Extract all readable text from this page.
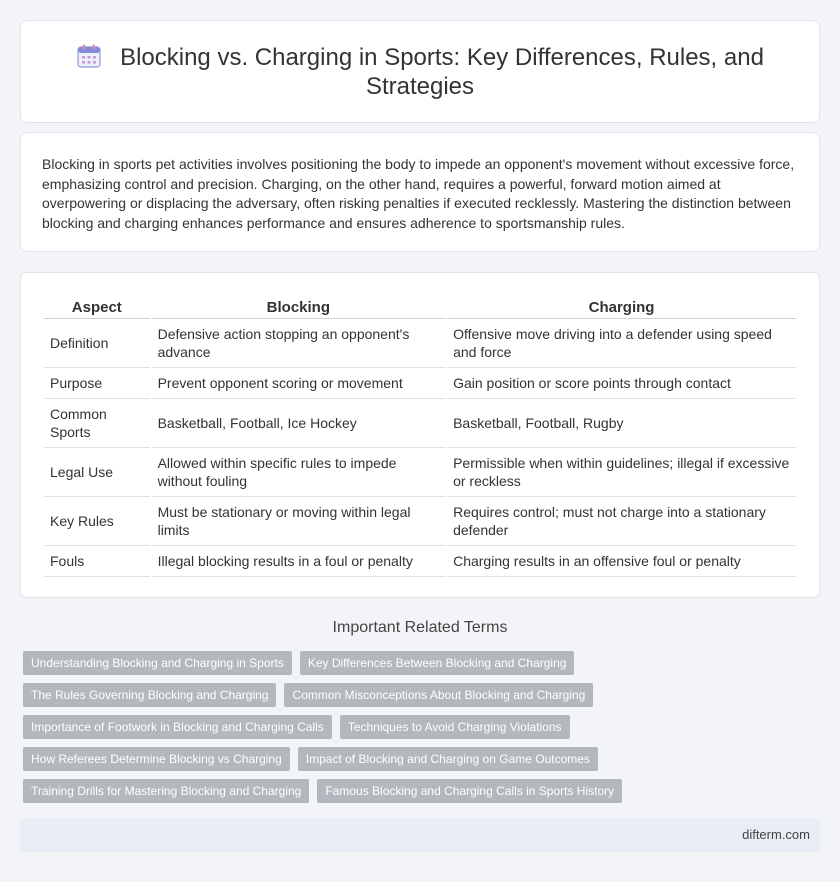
Blocking vs. Charging in Sports: Key Differences, Rules, and Strategies

Blocking in sports pet activities involves positioning the body to impede an opponent's movement without excessive force, emphasizing control and precision. Charging, on the other hand, requires a powerful, forward motion aimed at overpowering or displacing the adversary, often risking penalties if executed recklessly. Mastering the distinction between blocking and charging enhances performance and ensures adherence to sportsmanship rules.

Aspect	Blocking	Charging
Definition	Defensive action stopping an opponent's advance	Offensive move driving into a defender using speed and force
Purpose	Prevent opponent scoring or movement	Gain position or score points through contact
Common Sports	Basketball, Football, Ice Hockey	Basketball, Football, Rugby
Legal Use	Allowed within specific rules to impede without fouling	Permissible when within guidelines; illegal if excessive or reckless
Key Rules	Must be stationary or moving within legal limits	Requires control; must not charge into a stationary defender
Fouls	Illegal blocking results in a foul or penalty	Charging results in an offensive foul or penalty
Important Related Terms
Understanding Blocking and Charging in Sports	Key Differences Between Blocking and Charging
The Rules Governing Blocking and Charging	Common Misconceptions About Blocking and Charging
Importance of Footwork in Blocking and Charging Calls	Techniques to Avoid Charging Violations
How Referees Determine Blocking vs Charging	Impact of Blocking and Charging on Game Outcomes
Training Drills for Mastering Blocking and Charging	Famous Blocking and Charging Calls in Sports History
difterm.com
